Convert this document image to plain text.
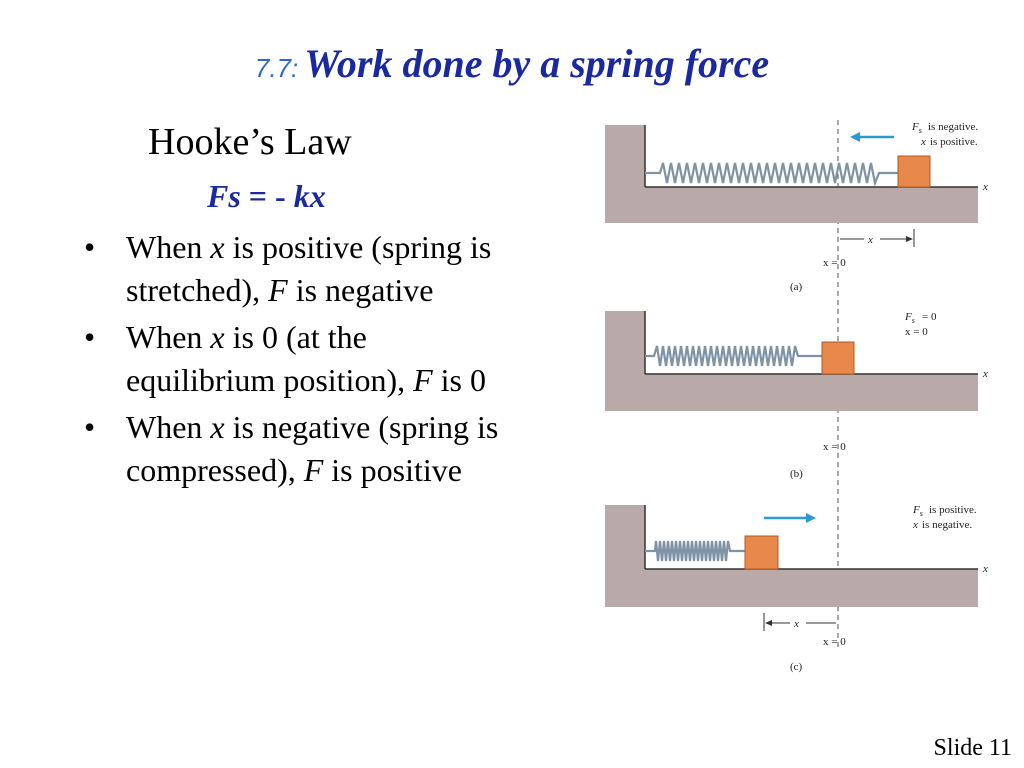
7.7: Work done by a spring force
Hooke’s Law
Fs = - kx
• When x is positive (spring is stretched), F is negative
• When x is 0 (at the equilibrium position), F is 0
• When x is negative (spring is compressed), F is positive
$F_s$ is negative.
x is positive.
x
x
x = 0
(a)
$F_s = 0$
x = 0
x
x = 0
(b)
$F_s$ is positive.
x is negative.
x
x
x = 0
(c)
Slide 11
